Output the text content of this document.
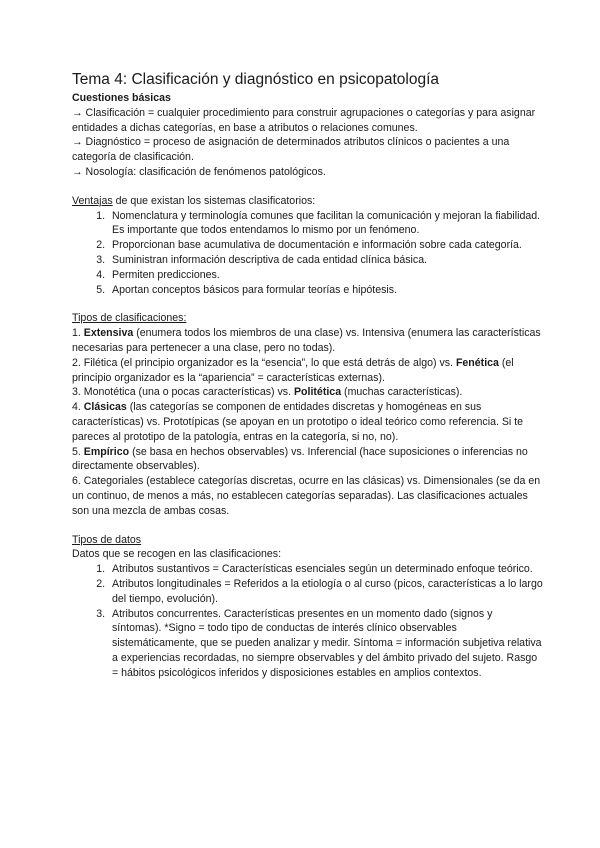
Tema 4: Clasificación y diagnóstico en psicopatología

Cuestiones básicas

→ Clasificación = cualquier procedimiento para construir agrupaciones o categorías y para asignar entidades a dichas categorías, en base a atributos o relaciones comunes.

→ Diagnóstico = proceso de asignación de determinados atributos clínicos o pacientes a una categoría de clasificación.

→ Nosología: clasificación de fenómenos patológicos.

Ventajas de que existan los sistemas clasificatorios:

1. Nomenclatura y terminología comunes que facilitan la comunicación y mejoran la fiabilidad. Es importante que todos entendamos lo mismo por un fenómeno.
2. Proporcionan base acumulativa de documentación e información sobre cada categoría.
3. Suministran información descriptiva de cada entidad clínica básica.
4. Permiten predicciones.
5. Aportan conceptos básicos para formular teorías e hipótesis.

Tipos de clasificaciones:

1. Extensiva (enumera todos los miembros de una clase) vs. Intensiva (enumera las características necesarias para pertenecer a una clase, pero no todas).

2. Filética (el principio organizador es la “esencia”, lo que está detrás de algo) vs. Fenética (el principio organizador es la “apariencia” = características externas).

3. Monotética (una o pocas características) vs. Politética (muchas características).

4. Clásicas (las categorías se componen de entidades discretas y homogéneas en sus características) vs. Prototípicas (se apoyan en un prototipo o ideal teórico como referencia. Si te pareces al prototipo de la patología, entras en la categoría, si no, no).

5. Empírico (se basa en hechos observables) vs. Inferencial (hace suposiciones o inferencias no directamente observables).

6. Categoriales (establece categorías discretas, ocurre en las clásicas) vs. Dimensionales (se da en un continuo, de menos a más, no establecen categorías separadas). Las clasificaciones actuales son una mezcla de ambas cosas.

Tipos de datos

Datos que se recogen en las clasificaciones:

1. Atributos sustantivos = Características esenciales según un determinado enfoque teórico.
2. Atributos longitudinales = Referidos a la etiología o al curso (picos, características a lo largo del tiempo, evolución).
3. Atributos concurrentes. Características presentes en un momento dado (signos y síntomas). *Signo = todo tipo de conductas de interés clínico observables sistemáticamente, que se pueden analizar y medir. Síntoma = información subjetiva relativa a experiencias recordadas, no siempre observables y del ámbito privado del sujeto. Rasgo = hábitos psicológicos inferidos y disposiciones estables en amplios contextos.
